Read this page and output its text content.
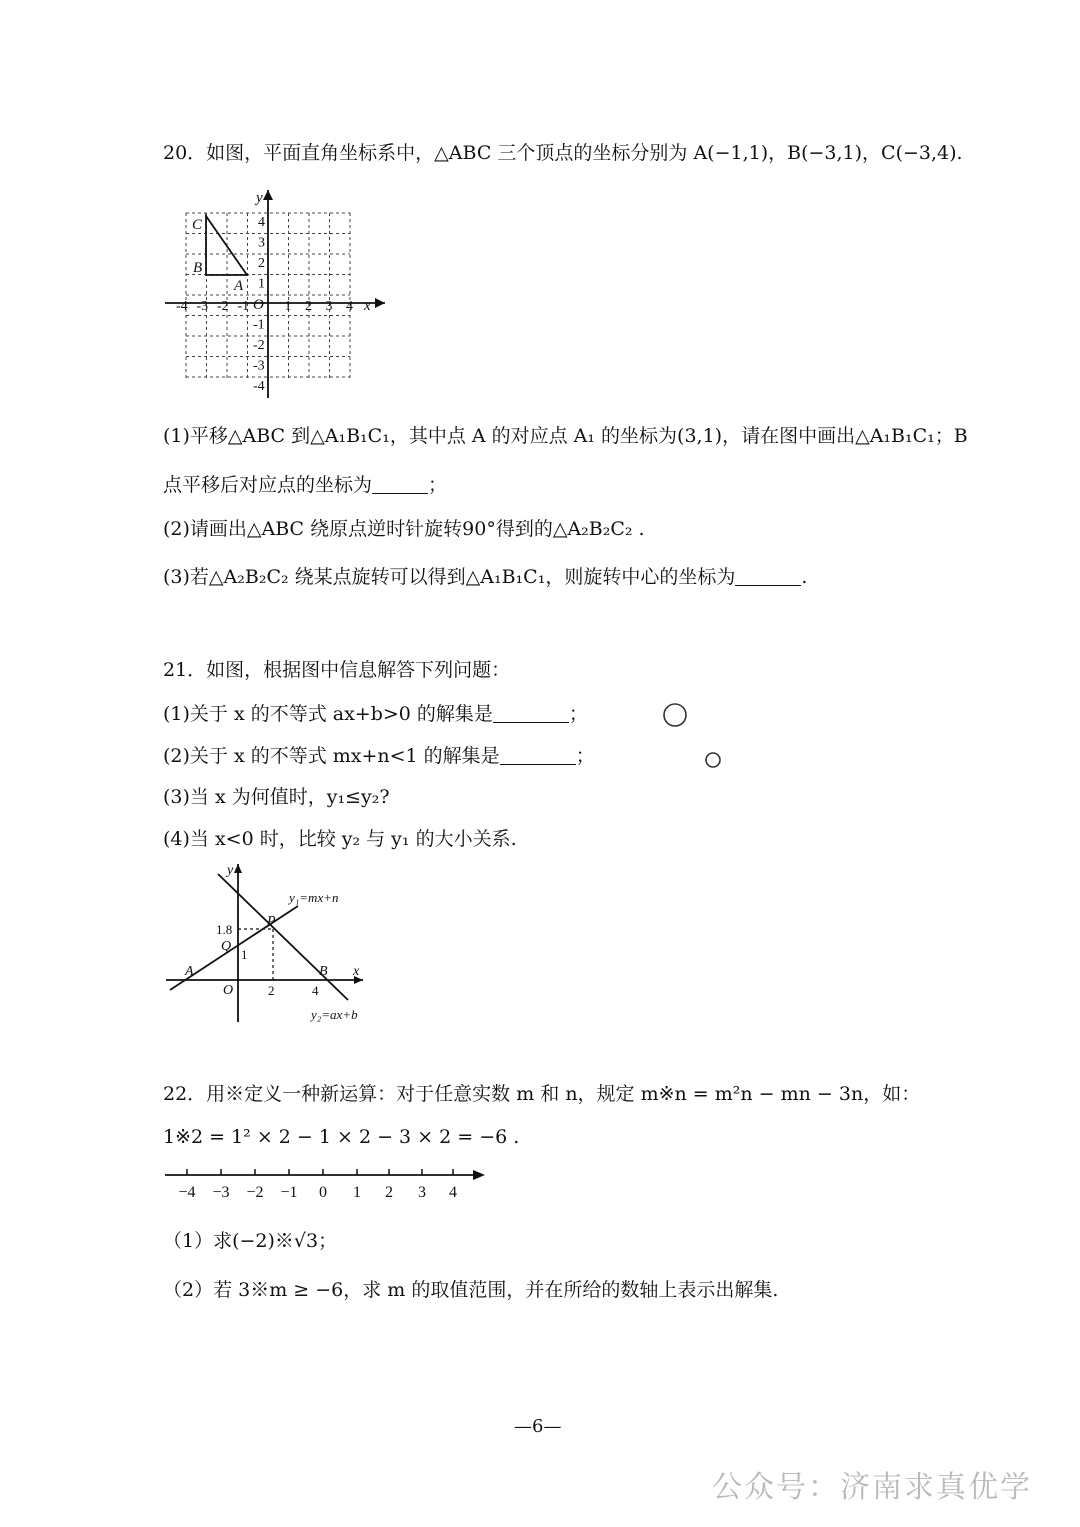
20．如图，平面直角坐标系中，△ABC 三个顶点的坐标分别为 A(−1,1)，B(−3,1)，C(−3,4).
-4 -3 -2 -1	1 2 3 4
4
3
2
1
-1
-2
-3
-4
O	x
y
C
B
A
(1)平移△ABC 到△A₁B₁C₁，其中点 A 的对应点 A₁ 的坐标为(3,1)，请在图中画出△A₁B₁C₁；B
点平移后对应点的坐标为	；
(2)请画出△ABC 绕原点逆时针旋转90°得到的△A₂B₂C₂ .
(3)若△A₂B₂C₂ 绕某点旋转可以得到△A₁B₁C₁，则旋转中心的坐标为	.
21．如图，根据图中信息解答下列问题：
(1)关于 x 的不等式 ax+b>0 的解集是	；
(2)关于 x 的不等式 mx+n<1 的解集是	；
(3)当 x 为何值时，y₁≤y₂?
(4)当 x<0 时，比较 y₂ 与 y₁ 的大小关系.
y
y₁=mx+n
P
1.8
Q
1
A	B
O	2	4
x
y₂=ax+b
22．用※定义一种新运算：对于任意实数 m 和 n，规定 m※n = m²n − mn − 3n，如：
1※2 = 1² × 2 − 1 × 2 − 3 × 2 = −6 .
−4 −3 −2 −1 0 1 2 3 4
（1）求(−2)※√3；
（2）若 3※m ≥ −6，求 m 的取值范围，并在所给的数轴上表示出解集.
—6—
公众号：济南求真优学
